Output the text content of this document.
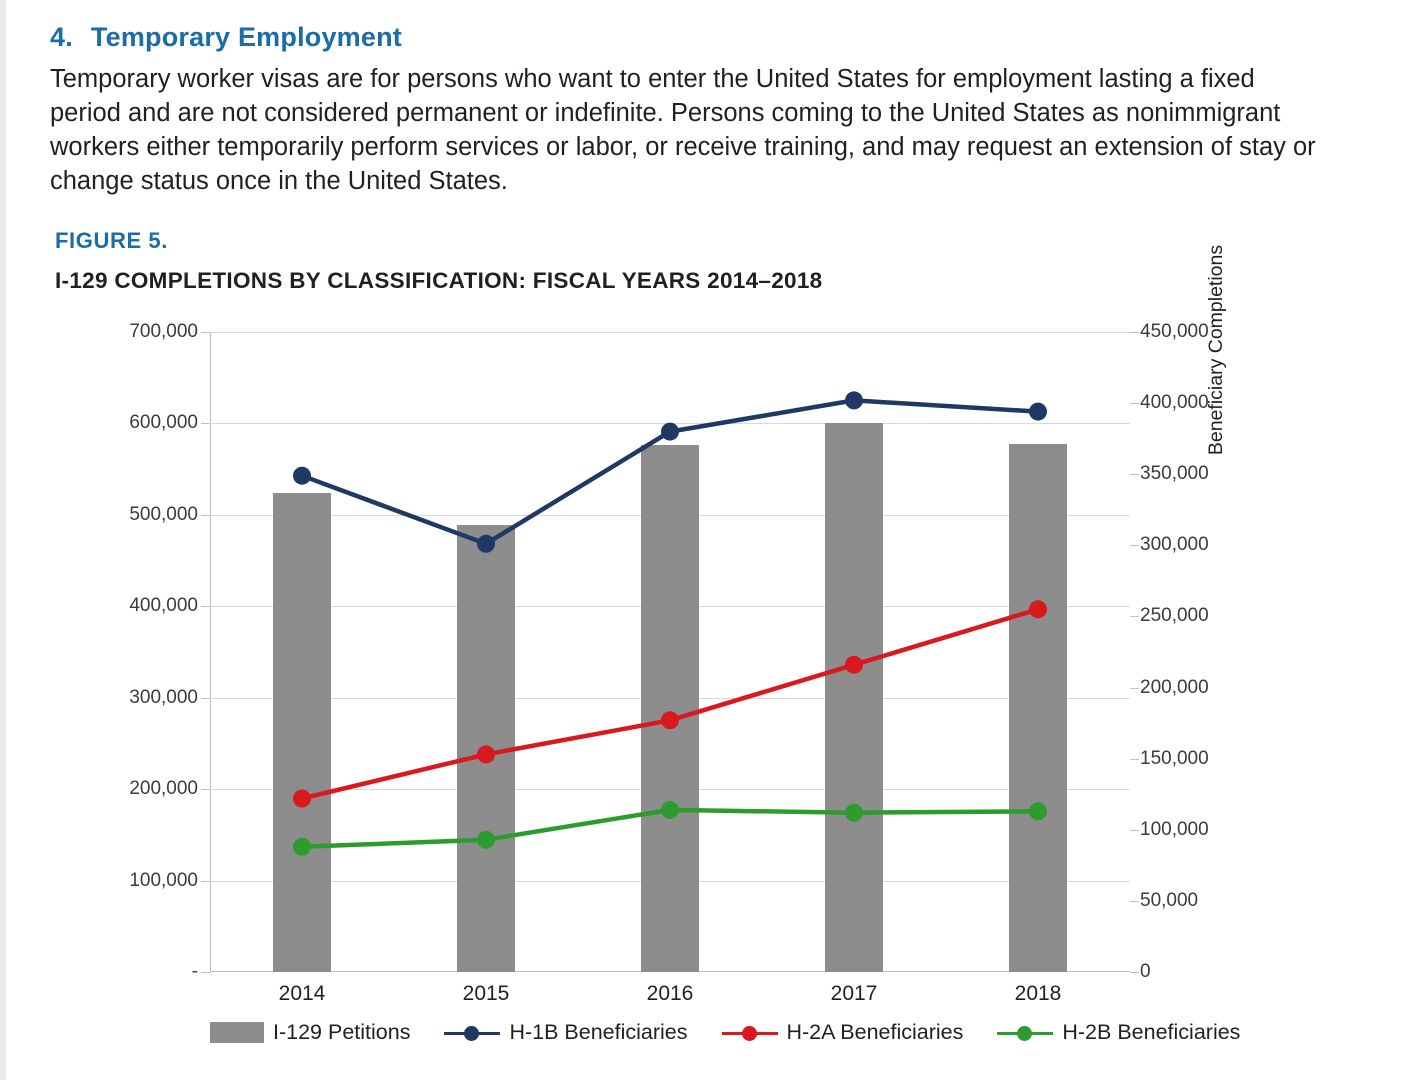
4. Temporary Employment
Temporary worker visas are for persons who want to enter the United States for employment lasting a fixed period and are not considered permanent or indefinite. Persons coming to the United States as nonimmigrant workers either temporarily perform services or labor, or receive training, and may request an extension of stay or change status once in the United States.
FIGURE 5.
I-129 COMPLETIONS BY CLASSIFICATION: FISCAL YEARS 2014–2018	Beneficiary Completions
700,000
600,000
500,000
400,000
300,000
200,000
100,000
-
450,000
400,000
350,000
300,000
250,000
200,000
150,000
100,000
50,000
0
2014	2015	2016	2017	2018
I-129 Petitions	H-1B Beneficiaries	H-2A Beneficiaries	H-2B Beneficiaries
